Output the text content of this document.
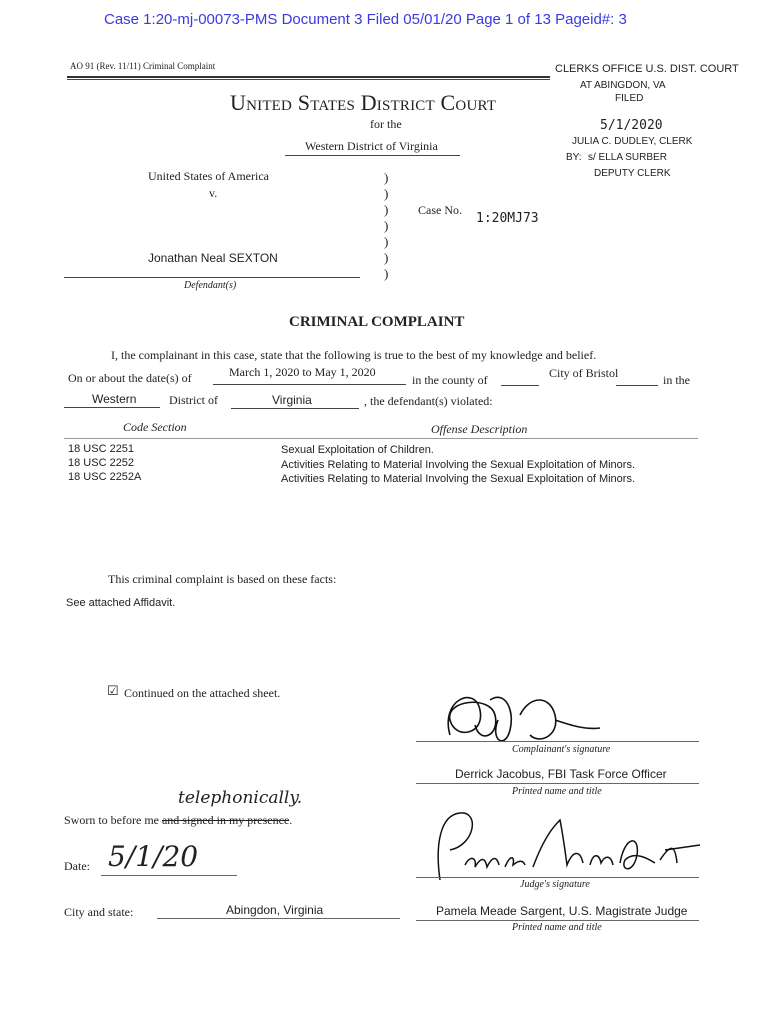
Case 1:20-mj-00073-PMS Document 3 Filed 05/01/20 Page 1 of 13 Pageid#: 3
AO 91 (Rev. 11/11) Criminal Complaint	CLERKS OFFICE U.S. DIST. COURT
AT ABINGDON, VA
FILED
5/1/2020
JULIA C. DUDLEY, CLERK
BY: s/ ELLA SURBER
DEPUTY CLERK
United States District Court
for the
Western District of Virginia
United States of America
v.
Jonathan Neal SEXTON
Defendant(s)
)
)
)
)
)
)
)
Case No.
1:20MJ73
CRIMINAL COMPLAINT
I, the complainant in this case, state that the following is true to the best of my knowledge and belief.
On or about the date(s) of	March 1, 2020 to May 1, 2020
in the county of	City of Bristol	in the
Western	District of	Virginia	, the defendant(s) violated:
Code Section	Offense Description
18 USC 2251	Sexual Exploitation of Children.
18 USC 2252	Activities Relating to Material Involving the Sexual Exploitation of Minors.
18 USC 2252A	Activities Relating to Material Involving the Sexual Exploitation of Minors.
This criminal complaint is based on these facts:
See attached Affidavit.
☑ Continued on the attached sheet.
Complainant's signature
Derrick Jacobus, FBI Task Force Officer
Printed name and title
telephonically.
Sworn to before me and signed in my presence.
Date: 5/1/20
Judge's signature
City and state:	Abingdon, Virginia	Pamela Meade Sargent, U.S. Magistrate Judge
Printed name and title
